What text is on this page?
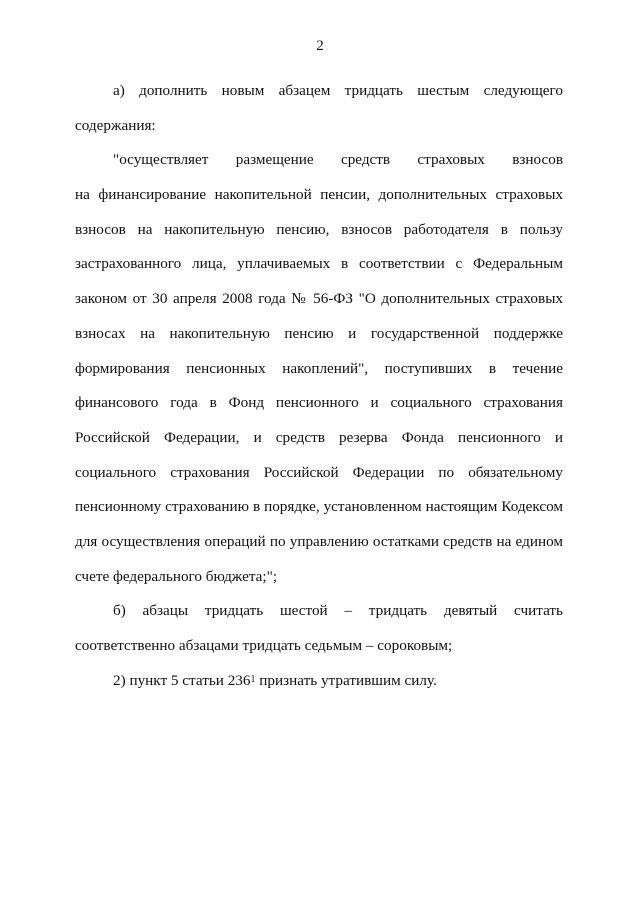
2
а) дополнить новым абзацем тридцать шестым следующего
содержания:
"осуществляет размещение средств страховых взносов
на финансирование накопительной пенсии, дополнительных страховых
взносов на накопительную пенсию, взносов работодателя в пользу
застрахованного лица, уплачиваемых в соответствии с Федеральным
законом от 30 апреля 2008 года № 56-ФЗ "О дополнительных страховых
взносах на накопительную пенсию и государственной поддержке
формирования пенсионных накоплений", поступивших в течение
финансового года в Фонд пенсионного и социального страхования
Российской Федерации, и средств резерва Фонда пенсионного и
социального страхования Российской Федерации по обязательному
пенсионному страхованию в порядке, установленном настоящим Кодексом
для осуществления операций по управлению остатками средств на едином
счете федерального бюджета;";
б) абзацы тридцать шестой – тридцать девятый считать
соответственно абзацами тридцать седьмым – сороковым;
2) пункт 5 статьи $236^1$ признать утратившим силу.
